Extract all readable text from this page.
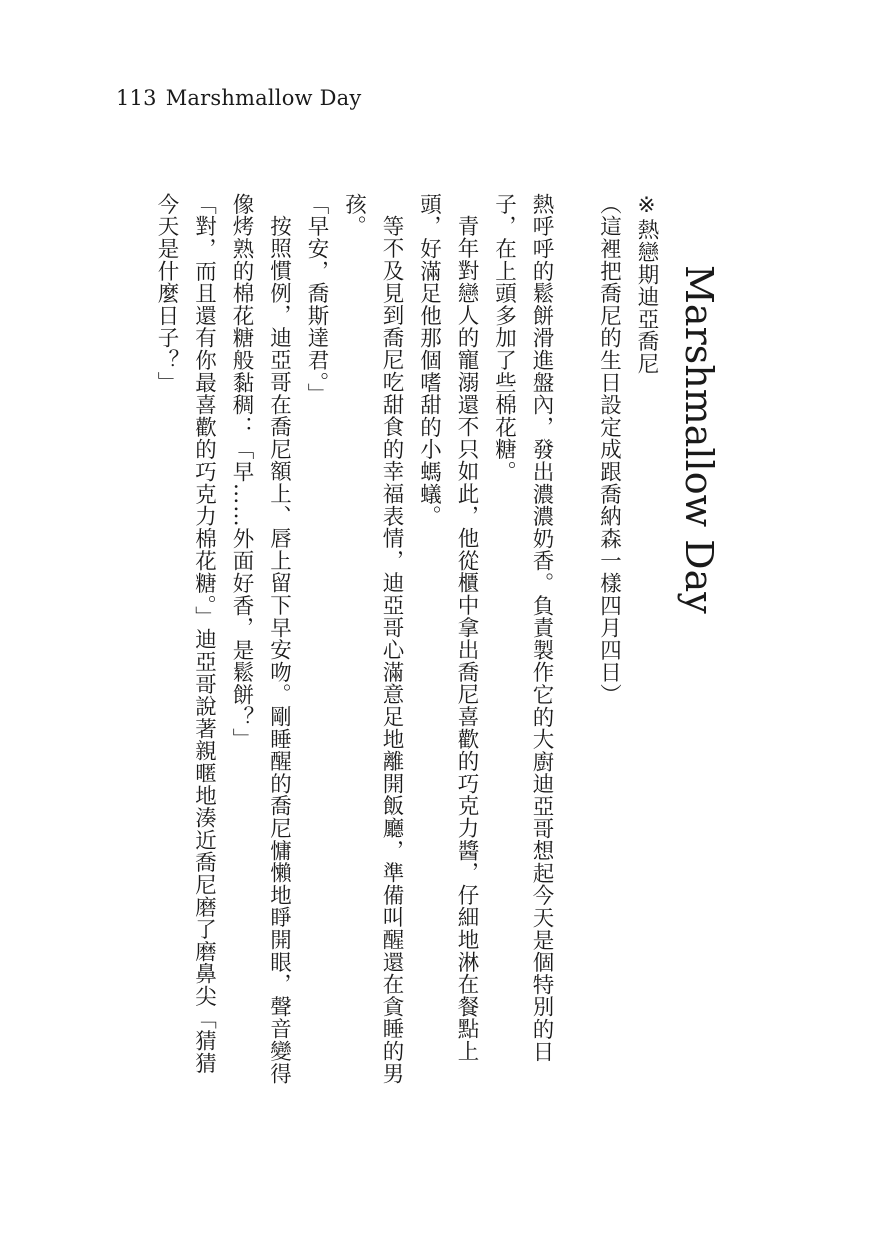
113 Marshmallow Day
Marshmallow Day

※熱戀期迪亞喬尼

（這裡把喬尼的生日設定成跟喬納森一樣四月四日）

熱呼呼的鬆餅滑進盤內，發出濃濃奶香。負責製作它的大廚迪亞哥想起今天是個特別的日子，在上頭多加了些棉花糖。

青年對戀人的寵溺還不只如此，他從櫃中拿出喬尼喜歡的巧克力醬，仔細地淋在餐點上頭，好滿足他那個嗜甜的小螞蟻。

等不及見到喬尼吃甜食的幸福表情，迪亞哥心滿意足地離開飯廳，準備叫醒還在貪睡的男孩。

「早安，喬斯達君。」

按照慣例，迪亞哥在喬尼額上、唇上留下早安吻。剛睡醒的喬尼慵懶地睜開眼，聲音變得像烤熟的棉花糖般黏稠：「早……外面好香，是鬆餅？」

「對，而且還有你最喜歡的巧克力棉花糖。」迪亞哥說著親暱地湊近喬尼磨了磨鼻尖「猜猜今天是什麼日子？」
